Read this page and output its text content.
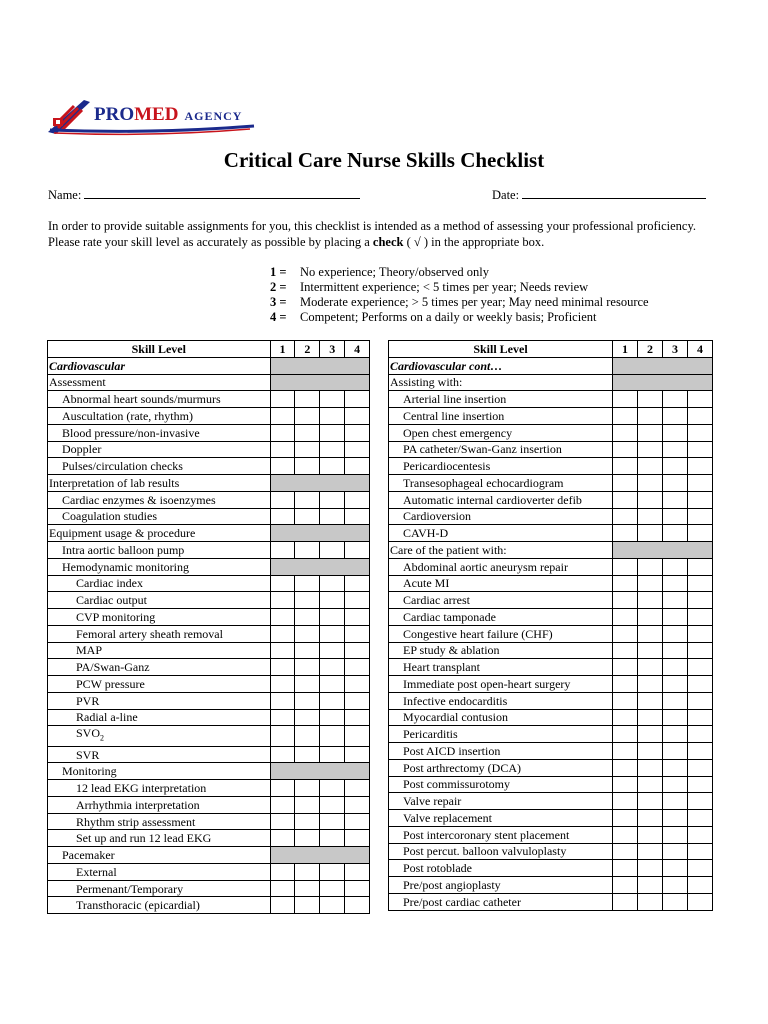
PROMED AGENCY
Critical Care Nurse Skills Checklist
Name:	Date:
In order to provide suitable assignments for you, this checklist is intended as a method of assessing your professional proficiency. Please rate your skill level as accurately as possible by placing a check ( √ ) in the appropriate box.
1 =	No experience; Theory/observed only
2 =	Intermittent experience; < 5 times per year; Needs review
3 =	Moderate experience; > 5 times per year; May need minimal resource
4 =	Competent; Performs on a daily or weekly basis; Proficient
Skill Level	1	2	3	4
Cardiovascular				
Assessment				
Abnormal heart sounds/murmurs				
Auscultation (rate, rhythm)				
Blood pressure/non-invasive				
Doppler				
Pulses/circulation checks				
Interpretation of lab results				
Cardiac enzymes & isoenzymes				
Coagulation studies				
Equipment usage & procedure				
Intra aortic balloon pump				
Hemodynamic monitoring				
Cardiac index				
Cardiac output				
CVP monitoring				
Femoral artery sheath removal				
MAP				
PA/Swan-Ganz				
PCW pressure				
PVR				
Radial a-line				
$SVO_2$				
SVR				
Monitoring				
12 lead EKG interpretation				
Arrhythmia interpretation				
Rhythm strip assessment				
Set up and run 12 lead EKG				
Pacemaker				
External				
Permenant/Temporary				
Transthoracic (epicardial)				
Skill Level	1	2	3	4
Cardiovascular cont…				
Assisting with:				
Arterial line insertion				
Central line insertion				
Open chest emergency				
PA catheter/Swan-Ganz insertion				
Pericardiocentesis				
Transesophageal echocardiogram				
Automatic internal cardioverter defib				
Cardioversion				
CAVH-D				
Care of the patient with:				
Abdominal aortic aneurysm repair				
Acute MI				
Cardiac arrest				
Cardiac tamponade				
Congestive heart failure (CHF)				
EP study & ablation				
Heart transplant				
Immediate post open-heart surgery				
Infective endocarditis				
Myocardial contusion				
Pericarditis				
Post AICD insertion				
Post arthrectomy (DCA)				
Post commissurotomy				
Valve repair				
Valve replacement				
Post intercoronary stent placement				
Post percut. balloon valvuloplasty				
Post rotoblade				
Pre/post angioplasty				
Pre/post cardiac catheter				
